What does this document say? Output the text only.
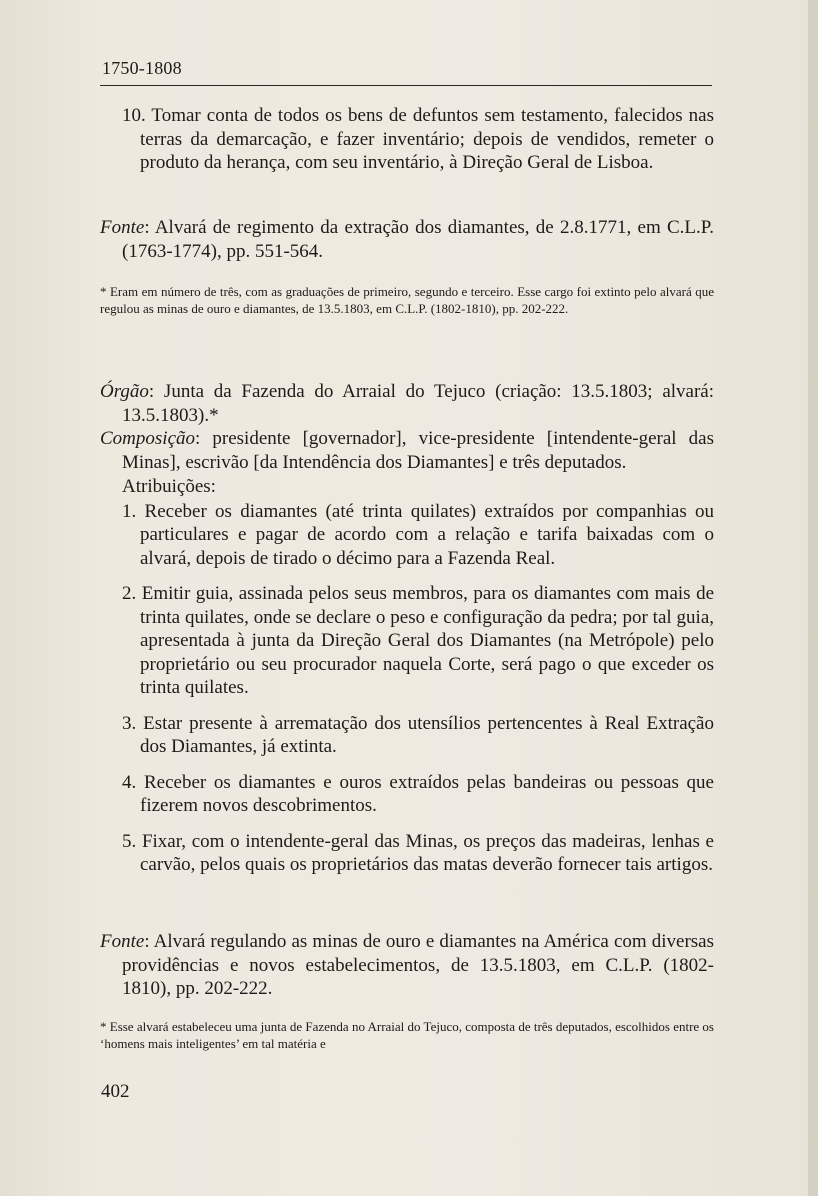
1750-1808

10. Tomar conta de todos os bens de defuntos sem testamento, falecidos nas terras da demarcação, e fazer inventário; depois de vendidos, remeter o produto da herança, com seu inventário, à Direção Geral de Lisboa.

Fonte: Alvará de regimento da extração dos diamantes, de 2.8.1771, em C.L.P. (1763-1774), pp. 551-564.

* Eram em número de três, com as graduações de primeiro, segundo e terceiro. Esse cargo foi extinto pelo alvará que regulou as minas de ouro e diamantes, de 13.5.1803, em C.L.P. (1802-1810), pp. 202-222.

Órgão: Junta da Fazenda do Arraial do Tejuco (criação: 13.5.1803; alvará: 13.5.1803).*

Composição: presidente [governador], vice-presidente [intendente-geral das Minas], escrivão [da Intendência dos Diamantes] e três deputados.

Atribuições:

1. Receber os diamantes (até trinta quilates) extraídos por companhias ou particulares e pagar de acordo com a relação e tarifa baixadas com o alvará, depois de tirado o décimo para a Fazenda Real.

2. Emitir guia, assinada pelos seus membros, para os diamantes com mais de trinta quilates, onde se declare o peso e configuração da pedra; por tal guia, apresentada à junta da Direção Geral dos Diamantes (na Metrópole) pelo proprietário ou seu procurador naquela Corte, será pago o que exceder os trinta quilates.

3. Estar presente à arrematação dos utensílios pertencentes à Real Extração dos Diamantes, já extinta.

4. Receber os diamantes e ouros extraídos pelas bandeiras ou pessoas que fizerem novos descobrimentos.

5. Fixar, com o intendente-geral das Minas, os preços das madeiras, lenhas e carvão, pelos quais os proprietários das matas deverão fornecer tais artigos.

Fonte: Alvará regulando as minas de ouro e diamantes na América com diversas providências e novos estabelecimentos, de 13.5.1803, em C.L.P. (1802-1810), pp. 202-222.

* Esse alvará estabeleceu uma junta de Fazenda no Arraial do Tejuco, composta de três deputados, escolhidos entre os ‘homens mais inteligentes’ em tal matéria e

402
